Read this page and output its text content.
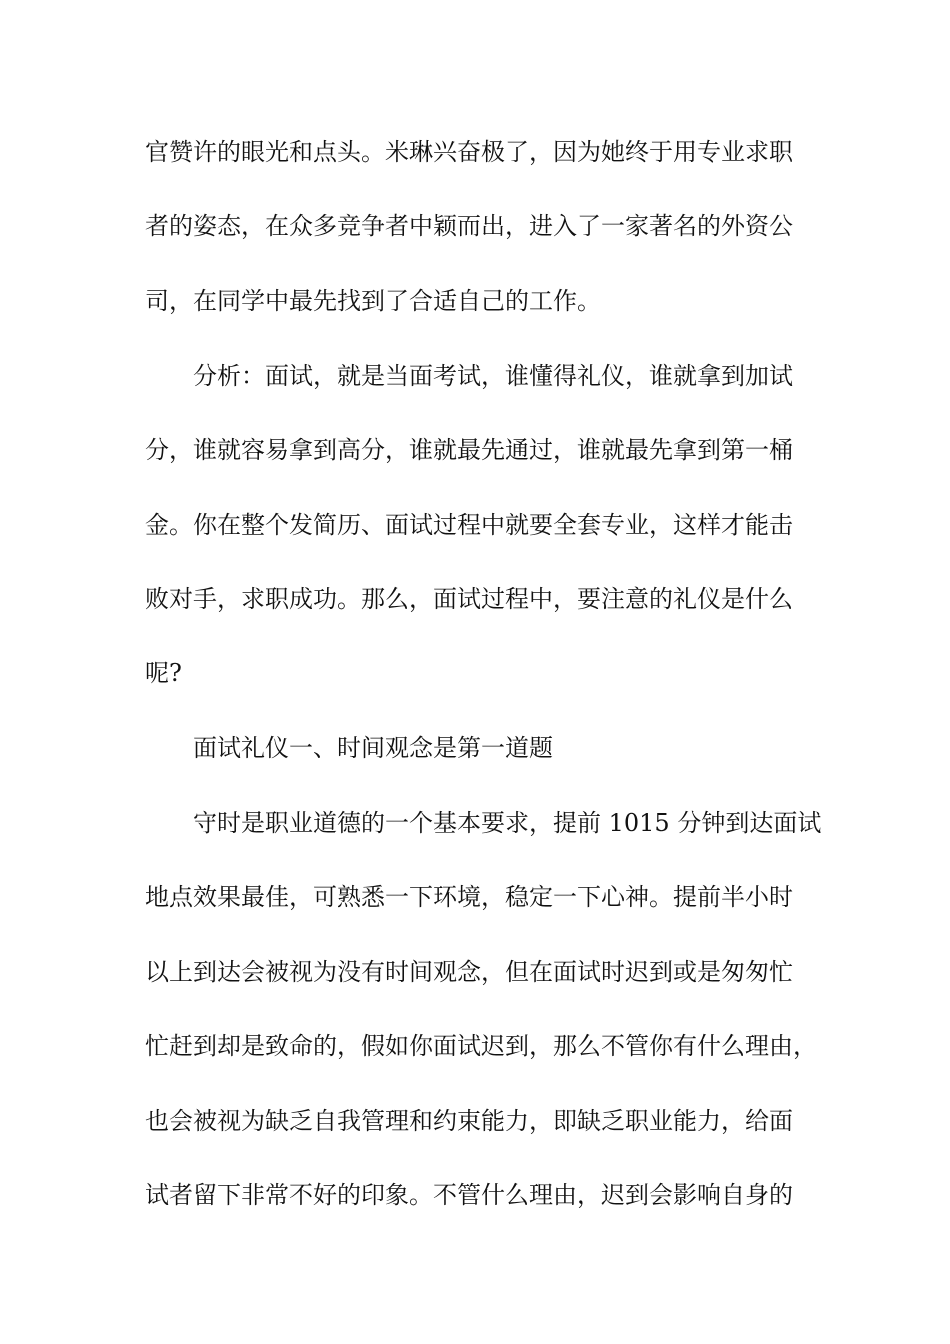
官赞许的眼光和点头。米琳兴奋极了，因为她终于用专业求职
者的姿态，在众多竞争者中颖而出，进入了一家著名的外资公
司，在同学中最先找到了合适自己的工作。
分析：面试，就是当面考试，谁懂得礼仪，谁就拿到加试
分，谁就容易拿到高分，谁就最先通过，谁就最先拿到第一桶
金。你在整个发简历、面试过程中就要全套专业，这样才能击
败对手，求职成功。那么，面试过程中，要注意的礼仪是什么
呢?
面试礼仪一、时间观念是第一道题
守时是职业道德的一个基本要求，提前 1015 分钟到达面试
地点效果最佳，可熟悉一下环境，稳定一下心神。提前半小时
以上到达会被视为没有时间观念，但在面试时迟到或是匆匆忙
忙赶到却是致命的，假如你面试迟到，那么不管你有什么理由，
也会被视为缺乏自我管理和约束能力，即缺乏职业能力，给面
试者留下非常不好的印象。不管什么理由，迟到会影响自身的
